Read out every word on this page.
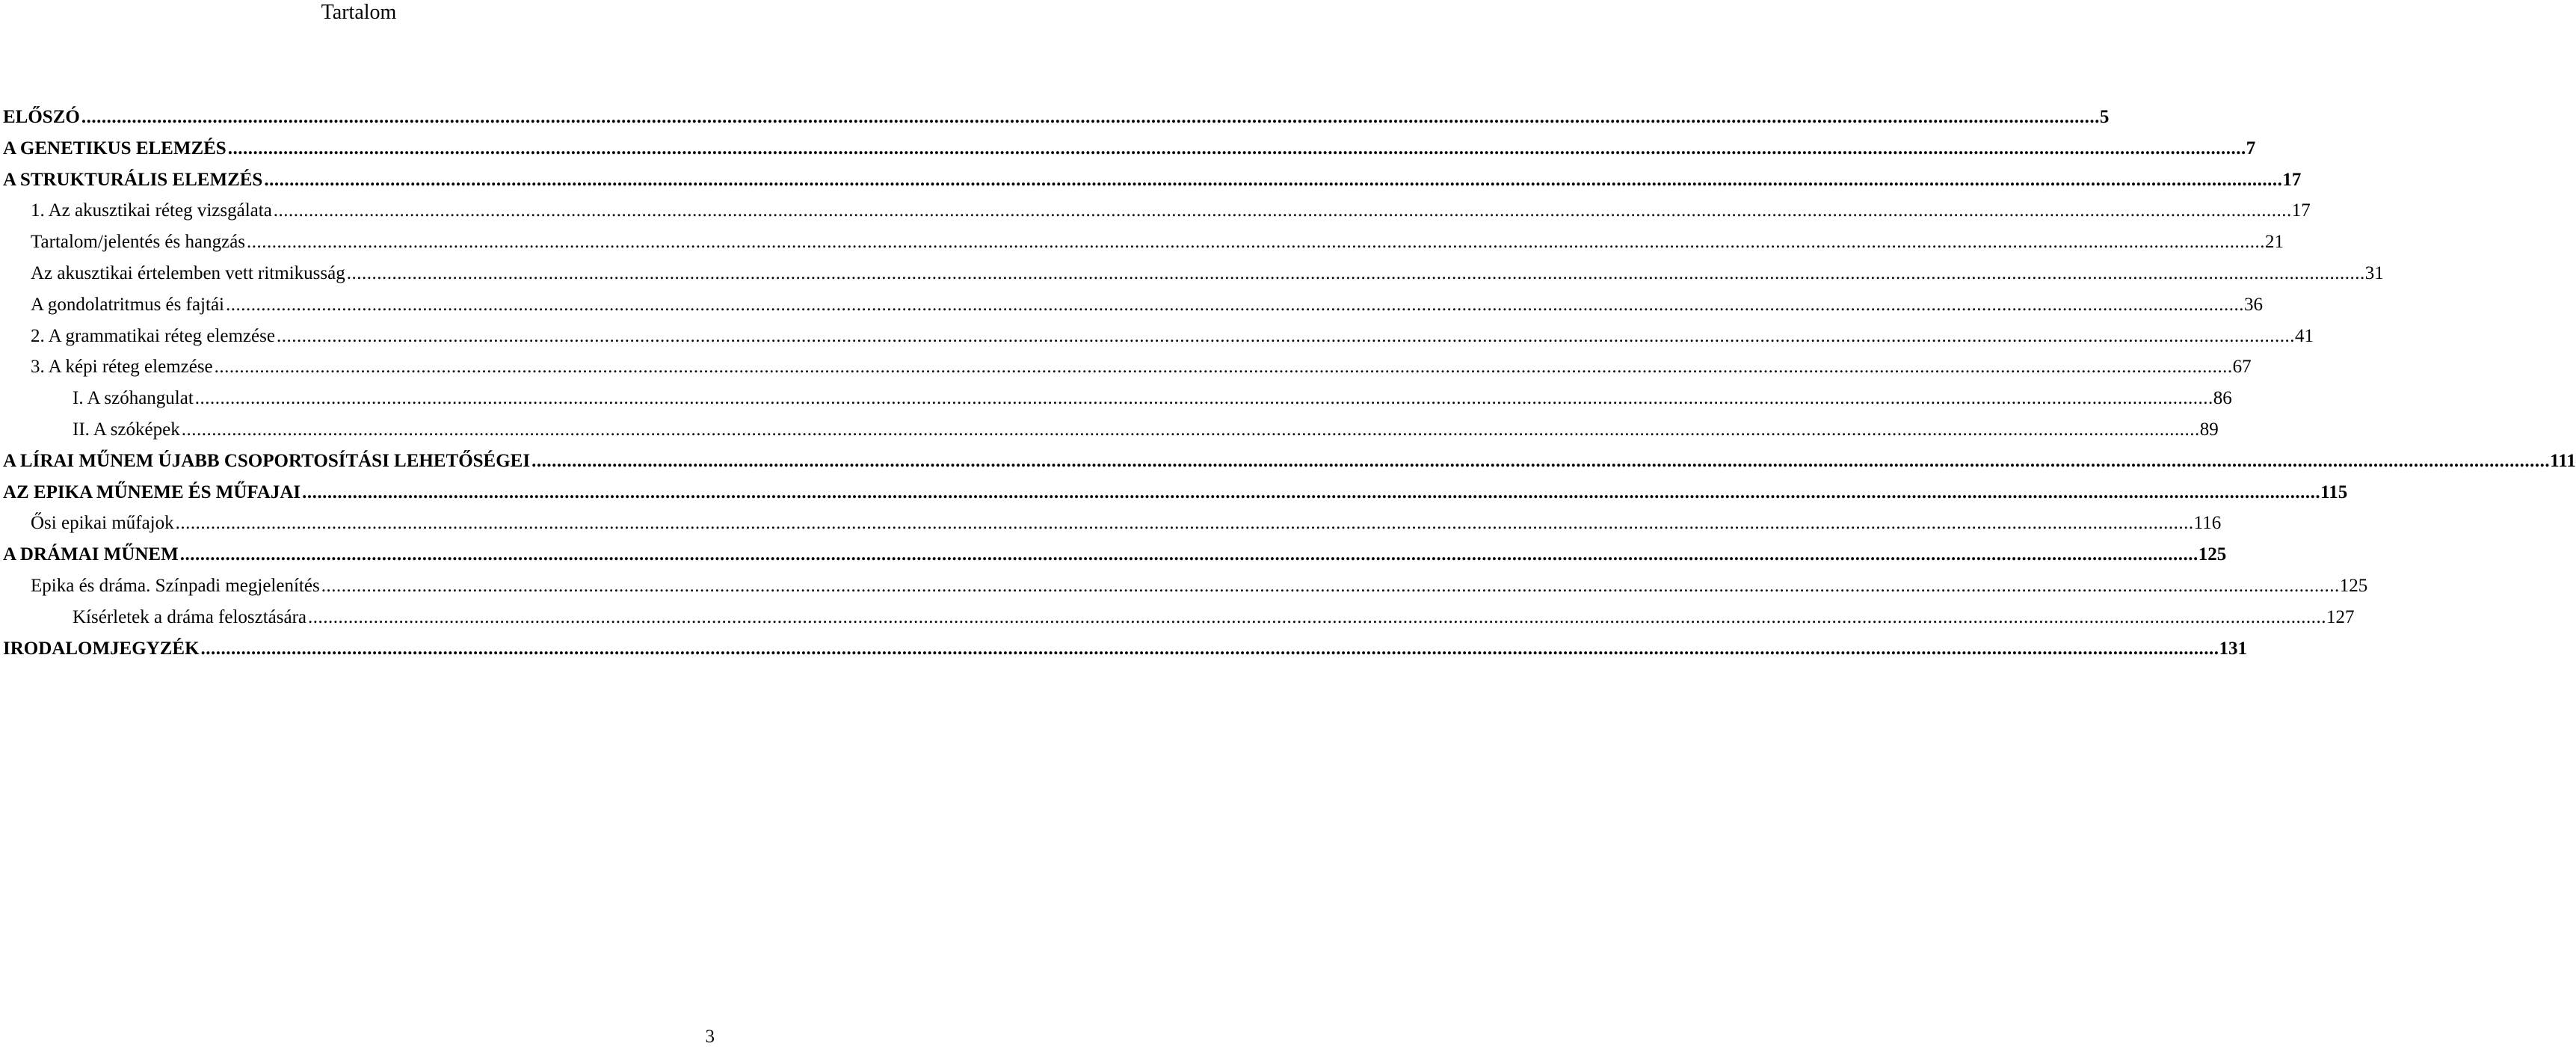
Tartalom
ELŐSZÓ ................................................................................................................................................................................................................................................................................................................................................................................................................ 5
A GENETIKUS ELEMZÉS ................................................................................................................................................................................................................................................................................................................................................................................................................ 7
A STRUKTURÁLIS ELEMZÉS ................................................................................................................................................................................................................................................................................................................................................................................................................ 17
1. Az akusztikai réteg vizsgálata ................................................................................................................................................................................................................................................................................................................................................................................................................ 17
Tartalom/jelentés és hangzás ................................................................................................................................................................................................................................................................................................................................................................................................................ 21
Az akusztikai értelemben vett ritmikusság ................................................................................................................................................................................................................................................................................................................................................................................................................ 31
A gondolatritmus és fajtái ................................................................................................................................................................................................................................................................................................................................................................................................................ 36
2. A grammatikai réteg elemzése ................................................................................................................................................................................................................................................................................................................................................................................................................ 41
3. A képi réteg elemzése ................................................................................................................................................................................................................................................................................................................................................................................................................ 67
I. A szóhangulat ................................................................................................................................................................................................................................................................................................................................................................................................................ 86
II. A szóképek ................................................................................................................................................................................................................................................................................................................................................................................................................ 89
A LÍRAI MŰNEM ÚJABB CSOPORTOSÍTÁSI LEHETŐSÉGEI ................................................................................................................................................................................................................................................................................................................................................................................................................ 111
AZ EPIKA MŰNEME ÉS MŰFAJAI ................................................................................................................................................................................................................................................................................................................................................................................................................ 115
Ősi epikai műfajok ................................................................................................................................................................................................................................................................................................................................................................................................................ 116
A DRÁMAI MŰNEM ................................................................................................................................................................................................................................................................................................................................................................................................................ 125
Epika és dráma. Színpadi megjelenítés ................................................................................................................................................................................................................................................................................................................................................................................................................ 125
Kísérletek a dráma felosztására ................................................................................................................................................................................................................................................................................................................................................................................................................ 127
IRODALOMJEGYZÉK ................................................................................................................................................................................................................................................................................................................................................................................................................ 131
3
